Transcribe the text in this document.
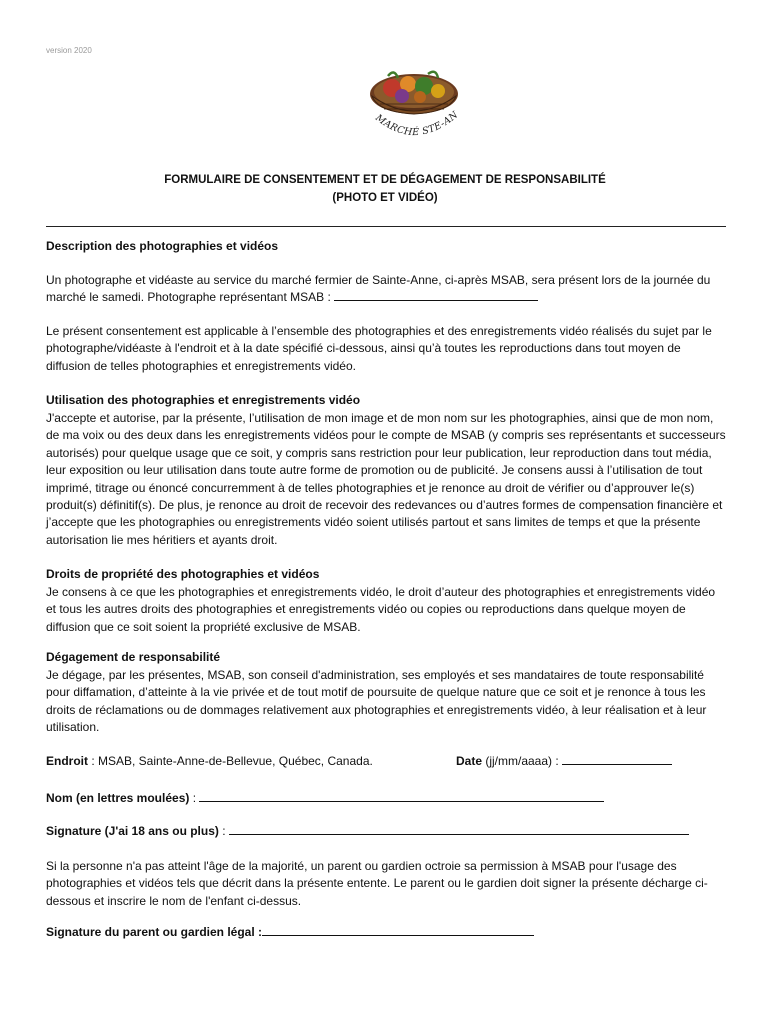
version 2020
MARCHÉ STE-AN
FORMULAIRE DE CONSENTEMENT ET DE DÉGAGEMENT DE RESPONSABILITÉ
(PHOTO ET VIDÉO)
Description des photographies et vidéos
Un photographe et vidéaste au service du marché fermier de Sainte-Anne, ci-après MSAB, sera présent lors de la journée du marché le samedi. Photographe représentant MSAB :
Le présent consentement est applicable à l’ensemble des photographies et des enregistrements vidéo réalisés du sujet par le photographe/vidéaste à l'endroit et à la date spécifié ci-dessous, ainsi qu’à toutes les reproductions dans tout moyen de diffusion de telles photographies et enregistrements vidéo.
Utilisation des photographies et enregistrements vidéo
J'accepte et autorise, par la présente, l’utilisation de mon image et de mon nom sur les photographies, ainsi que de mon nom, de ma voix ou des deux dans les enregistrements vidéos pour le compte de MSAB (y compris ses représentants et successeurs autorisés) pour quelque usage que ce soit, y compris sans restriction pour leur publication, leur reproduction dans tout média, leur exposition ou leur utilisation dans toute autre forme de promotion ou de publicité. Je consens aussi à l’utilisation de tout imprimé, titrage ou énoncé concurremment à de telles photographies et je renonce au droit de vérifier ou d’approuver le(s) produit(s) définitif(s). De plus, je renonce au droit de recevoir des redevances ou d’autres formes de compensation financière et j’accepte que les photographies ou enregistrements vidéo soient utilisés partout et sans limites de temps et que la présente autorisation lie mes héritiers et ayants droit.
Droits de propriété des photographies et vidéos
Je consens à ce que les photographies et enregistrements vidéo, le droit d’auteur des photographies et enregistrements vidéo et tous les autres droits des photographies et enregistrements vidéo ou copies ou reproductions dans quelque moyen de diffusion que ce soit soient la propriété exclusive de MSAB.
Dégagement de responsabilité
Je dégage, par les présentes, MSAB, son conseil d'administration, ses employés et ses mandataires de toute responsabilité pour diffamation, d’atteinte à la vie privée et de tout motif de poursuite de quelque nature que ce soit et je renonce à tous les droits de réclamations ou de dommages relativement aux photographies et enregistrements vidéo, à leur réalisation et à leur utilisation.
Endroit : MSAB, Sainte-Anne-de-Bellevue, Québec, Canada.	Date (jj/mm/aaaa) :
Nom (en lettres moulées) :
Signature (J'ai 18 ans ou plus) :
Si la personne n'a pas atteint l'âge de la majorité, un parent ou gardien octroie sa permission à MSAB pour l'usage des photographies et vidéos tels que décrit dans la présente entente. Le parent ou le gardien doit signer la présente décharge ci-dessous et inscrire le nom de l'enfant ci-dessus.
Signature du parent ou gardien légal :
